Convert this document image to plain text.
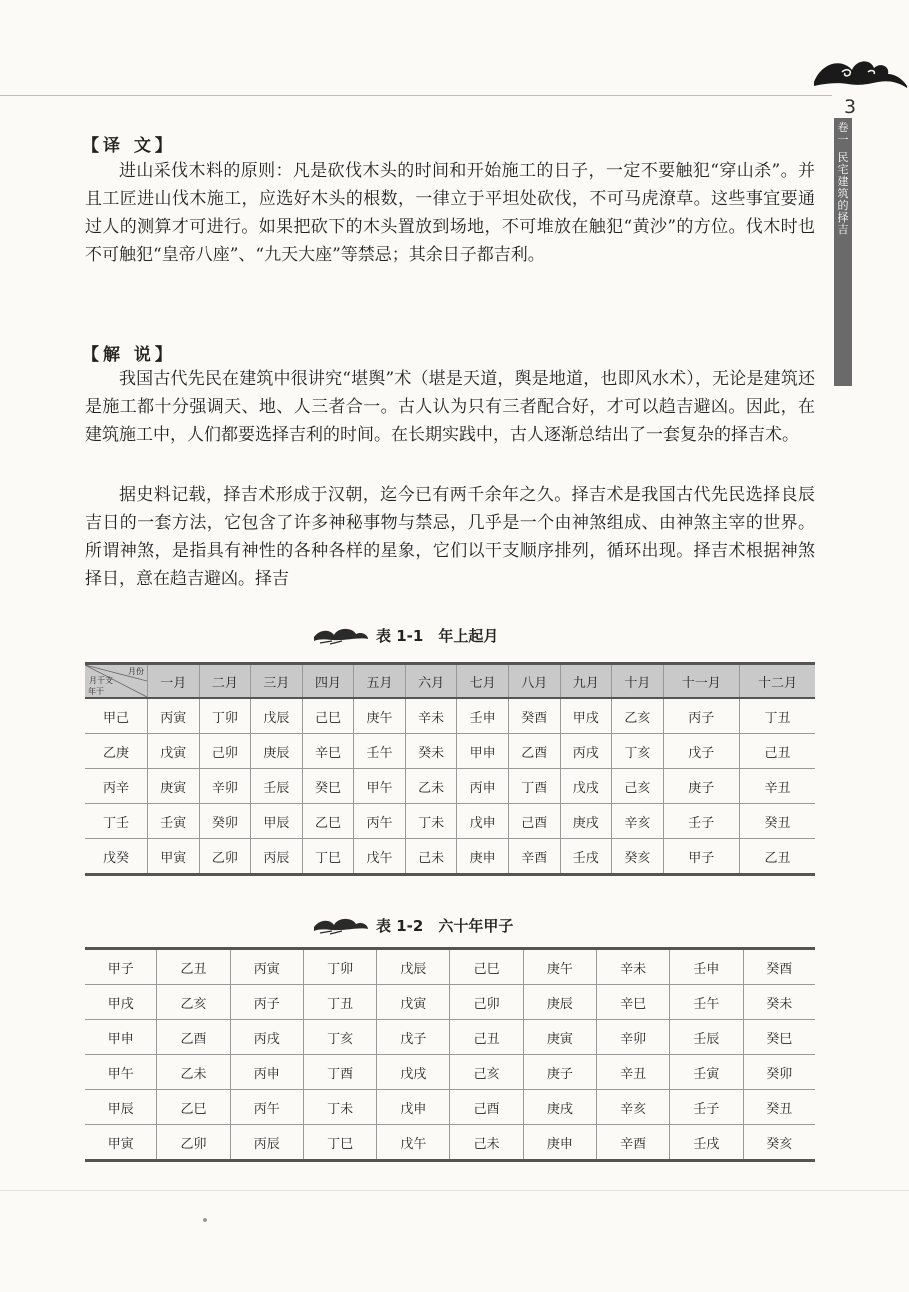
3
卷一
民宅建筑的择吉
【译 文】
进山采伐木料的原则：凡是砍伐木头的时间和开始施工的日子，一定不要触犯“穿山杀”。并且工匠进山伐木施工，应选好木头的根数，一律立于平坦处砍伐，不可马虎潦草。这些事宜要通过人的测算才可进行。如果把砍下的木头置放到场地，不可堆放在触犯“黄沙”的方位。伐木时也不可触犯“皇帝八座”、“九天大座”等禁忌；其余日子都吉利。
【解 说】
我国古代先民在建筑中很讲究“堪舆”术（堪是天道，舆是地道，也即风水术），无论是建筑还是施工都十分强调天、地、人三者合一。古人认为只有三者配合好，才可以趋吉避凶。因此，在建筑施工中，人们都要选择吉利的时间。在长期实践中，古人逐渐总结出了一套复杂的择吉术。
据史料记载，择吉术形成于汉朝，迄今已有两千余年之久。择吉术是我国古代先民选择良辰吉日的一套方法，它包含了许多神秘事物与禁忌，几乎是一个由神煞组成、由神煞主宰的世界。所谓神煞，是指具有神性的各种各样的星象，它们以干支顺序排列，循环出现。择吉术根据神煞择日，意在趋吉避凶。择吉
表 1-1　年上起月
月份
月干支
年干	一月	二月	三月	四月	五月	六月	七月	八月	九月	十月	十一月	十二月
甲己	丙寅	丁卯	戊辰	己巳	庚午	辛未	壬申	癸酉	甲戌	乙亥	丙子	丁丑
乙庚	戊寅	己卯	庚辰	辛巳	壬午	癸未	甲申	乙酉	丙戌	丁亥	戊子	己丑
丙辛	庚寅	辛卯	壬辰	癸巳	甲午	乙未	丙申	丁酉	戊戌	己亥	庚子	辛丑
丁壬	壬寅	癸卯	甲辰	乙巳	丙午	丁未	戊申	己酉	庚戌	辛亥	壬子	癸丑
戊癸	甲寅	乙卯	丙辰	丁巳	戊午	己未	庚申	辛酉	壬戌	癸亥	甲子	乙丑
表 1-2　六十年甲子
甲子	乙丑	丙寅	丁卯	戊辰	己巳	庚午	辛未	壬申	癸酉
甲戌	乙亥	丙子	丁丑	戊寅	己卯	庚辰	辛巳	壬午	癸未
甲申	乙酉	丙戌	丁亥	戊子	己丑	庚寅	辛卯	壬辰	癸巳
甲午	乙未	丙申	丁酉	戊戌	己亥	庚子	辛丑	壬寅	癸卯
甲辰	乙巳	丙午	丁未	戊申	己酉	庚戌	辛亥	壬子	癸丑
甲寅	乙卯	丙辰	丁巳	戊午	己未	庚申	辛酉	壬戌	癸亥
